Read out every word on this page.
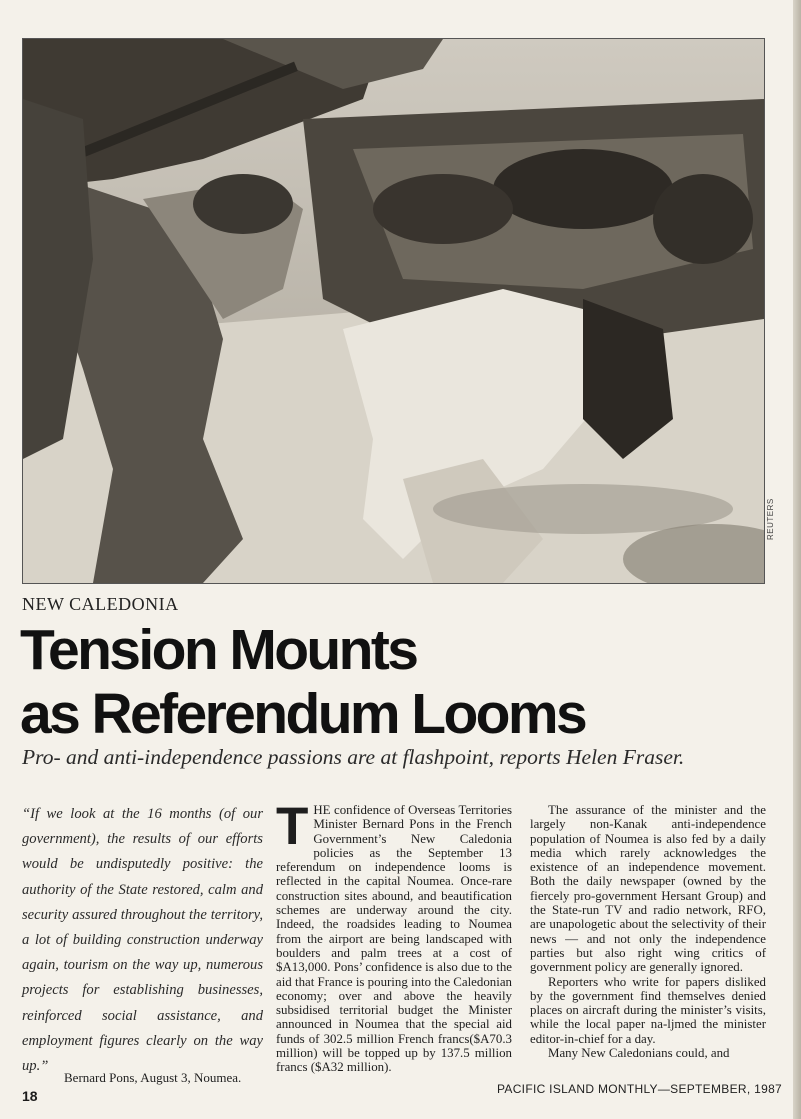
REUTERS
NEW CALEDONIA
Tension Mounts
as Referendum Looms
Pro- and anti-independence passions are at flashpoint, reports Helen Fraser.
“If we look at the 16 months (of our government), the results of our efforts would be undisputedly positive: the authority of the State restored, calm and security assured throughout the territory, a lot of building construction underway again, tourism on the way up, numerous projects for establishing businesses, reinforced social assistance, and employment figures clearly on the way up.”
Bernard Pons, August 3, Noumea.

THE confidence of Overseas Territories Minister Bernard Pons in the French Government’s New Caledonia policies as the September 13 referendum on independence looms is reflected in the capital Noumea. Once-rare construction sites abound, and beautification schemes are underway around the city. Indeed, the roadsides leading to Noumea from the airport are being landscaped with boulders and palm trees at a cost of $A13,000. Pons’ confidence is also due to the aid that France is pouring into the Caledonian economy; over and above the heavily subsidised territorial budget the Minister announced in Noumea that the special aid funds of 302.5 million French francs($A70.3 million) will be topped up by 137.5 million francs ($A32 million).

The assurance of the minister and the largely non-Kanak anti-independence population of Noumea is also fed by a daily media which rarely acknowledges the existence of an independence movement. Both the daily newspaper (owned by the fiercely pro-government Hersant Group) and the State-run TV and radio network, RFO, are unapologetic about the selectivity of their news — and not only the independence parties but also right wing critics of government policy are generally ignored.

Reporters who write for papers disliked by the government find themselves denied places on aircraft during the minister’s visits, while the local paper na-ljmed the minister editor-in-chief for a day.

Many New Caledonians could, and

18	PACIFIC ISLAND MONTHLY—SEPTEMBER, 1987
